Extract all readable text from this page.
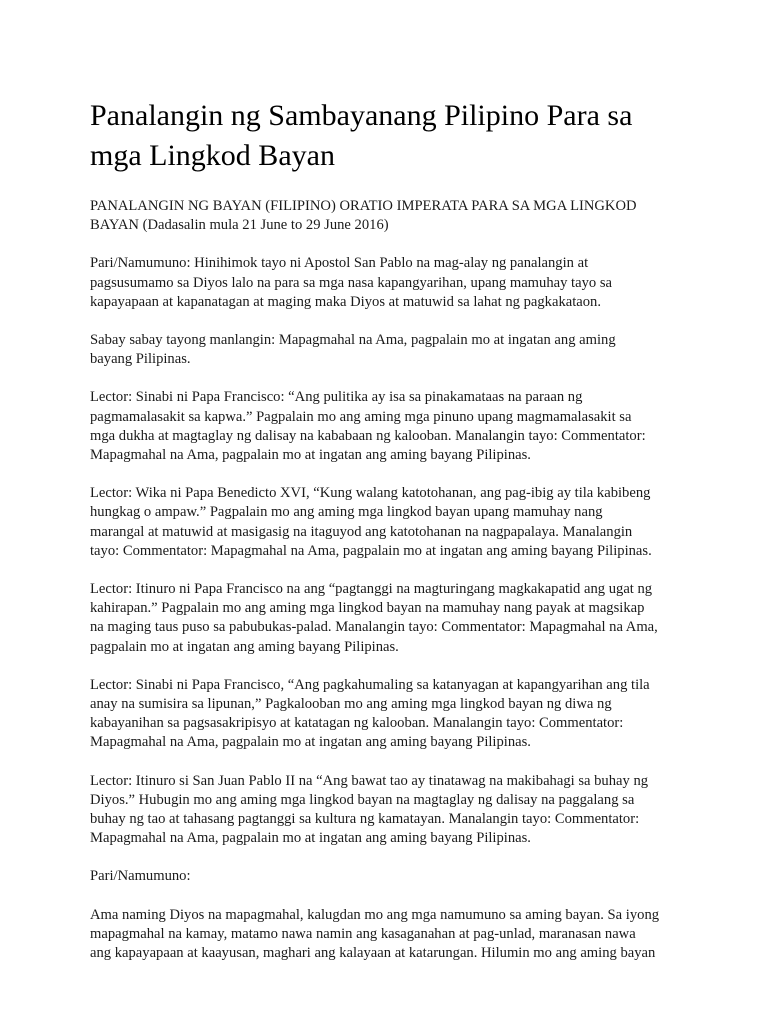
Panalangin ng Sambayanang Pilipino Para sa
mga Lingkod Bayan

PANALANGIN NG BAYAN (FILIPINO) ORATIO IMPERATA PARA SA MGA LINGKOD
BAYAN (Dadasalin mula 21 June to 29 June 2016)

Pari/Namumuno: Hinihimok tayo ni Apostol San Pablo na mag-alay ng panalangin at
pagsusumamo sa Diyos lalo na para sa mga nasa kapangyarihan, upang mamuhay tayo sa
kapayapaan at kapanatagan at maging maka Diyos at matuwid sa lahat ng pagkakataon.

Sabay sabay tayong manlangin: Mapagmahal na Ama, pagpalain mo at ingatan ang aming
bayang Pilipinas.

Lector: Sinabi ni Papa Francisco: “Ang pulitika ay isa sa pinakamataas na paraan ng
pagmamalasakit sa kapwa.” Pagpalain mo ang aming mga pinuno upang magmamalasakit sa
mga dukha at magtaglay ng dalisay na kababaan ng kalooban. Manalangin tayo: Commentator:
Mapagmahal na Ama, pagpalain mo at ingatan ang aming bayang Pilipinas.

Lector: Wika ni Papa Benedicto XVI, “Kung walang katotohanan, ang pag-ibig ay tila kabibeng
hungkag o ampaw.” Pagpalain mo ang aming mga lingkod bayan upang mamuhay nang
marangal at matuwid at masigasig na itaguyod ang katotohanan na nagpapalaya. Manalangin
tayo: Commentator: Mapagmahal na Ama, pagpalain mo at ingatan ang aming bayang Pilipinas.

Lector: Itinuro ni Papa Francisco na ang “pagtanggi na magturingang magkakapatid ang ugat ng
kahirapan.” Pagpalain mo ang aming mga lingkod bayan na mamuhay nang payak at magsikap
na maging taus puso sa pabubukas-palad. Manalangin tayo: Commentator: Mapagmahal na Ama,
pagpalain mo at ingatan ang aming bayang Pilipinas.

Lector: Sinabi ni Papa Francisco, “Ang pagkahumaling sa katanyagan at kapangyarihan ang tila
anay na sumisira sa lipunan,” Pagkalooban mo ang aming mga lingkod bayan ng diwa ng
kabayanihan sa pagsasakripisyo at katatagan ng kalooban. Manalangin tayo: Commentator:
Mapagmahal na Ama, pagpalain mo at ingatan ang aming bayang Pilipinas.

Lector: Itinuro si San Juan Pablo II na “Ang bawat tao ay tinatawag na makibahagi sa buhay ng
Diyos.” Hubugin mo ang aming mga lingkod bayan na magtaglay ng dalisay na paggalang sa
buhay ng tao at tahasang pagtanggi sa kultura ng kamatayan. Manalangin tayo: Commentator:
Mapagmahal na Ama, pagpalain mo at ingatan ang aming bayang Pilipinas.

Pari/Namumuno:

Ama naming Diyos na mapagmahal, kalugdan mo ang mga namumuno sa aming bayan. Sa iyong
mapagmahal na kamay, matamo nawa namin ang kasaganahan at pag-unlad, maranasan nawa
ang kapayapaan at kaayusan, maghari ang kalayaan at katarungan. Hilumin mo ang aming bayan
